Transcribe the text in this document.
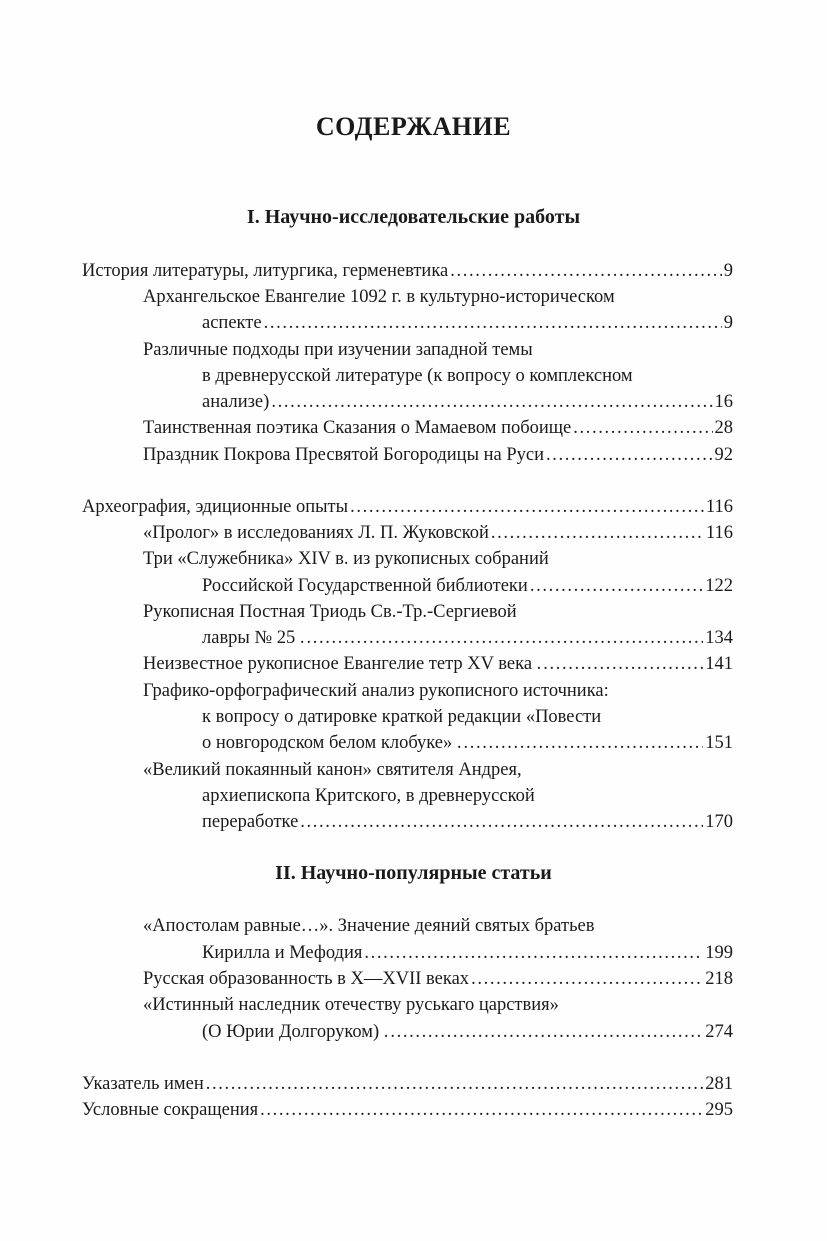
СОДЕРЖАНИЕ
I. Научно-исследовательские работы
История литературы, литургика, герменевтика . . .	9
Архангельское Евангелие 1092 г. в культурно-историческом
аспекте . . .	9
Различные подходы при изучении западной темы
в древнерусской литературе (к вопросу о комплексном
анализе) . . .	16
Таинственная поэтика Сказания о Мамаевом побоище . . .	28
Праздник Покрова Пресвятой Богородицы на Руси . . .	92
Археография, эдиционные опыты . . .	116
«Пролог» в исследованиях Л. П. Жуковской . . .	116
Три «Служебника» XIV в. из рукописных собраний
Российской Государственной библиотеки . . .	122
Рукописная Постная Триодь Св.-Тр.-Сергиевой
лавры № 25 . . . .	134
Неизвестное рукописное Евангелие тетр XV века . . . .	141
Графико-орфографический анализ рукописного источника:
к вопросу о датировке краткой редакции «Повести
о новгородском белом клобуке» . . . .	151
«Великий покаянный канон» святителя Андрея,
архиепископа Критского, в древнерусской
переработке . . .	170
II. Научно-популярные статьи
«Апостолам равные…». Значение деяний святых братьев
Кирилла и Мефодия . . .	199
Русская образованность в X—XVII веках . . .	218
«Истинный наследник отечеству руськаго царствия»
(О Юрии Долгоруком) . . . .	274
Указатель имен . . .	281
Условные сокращения . . .	295
